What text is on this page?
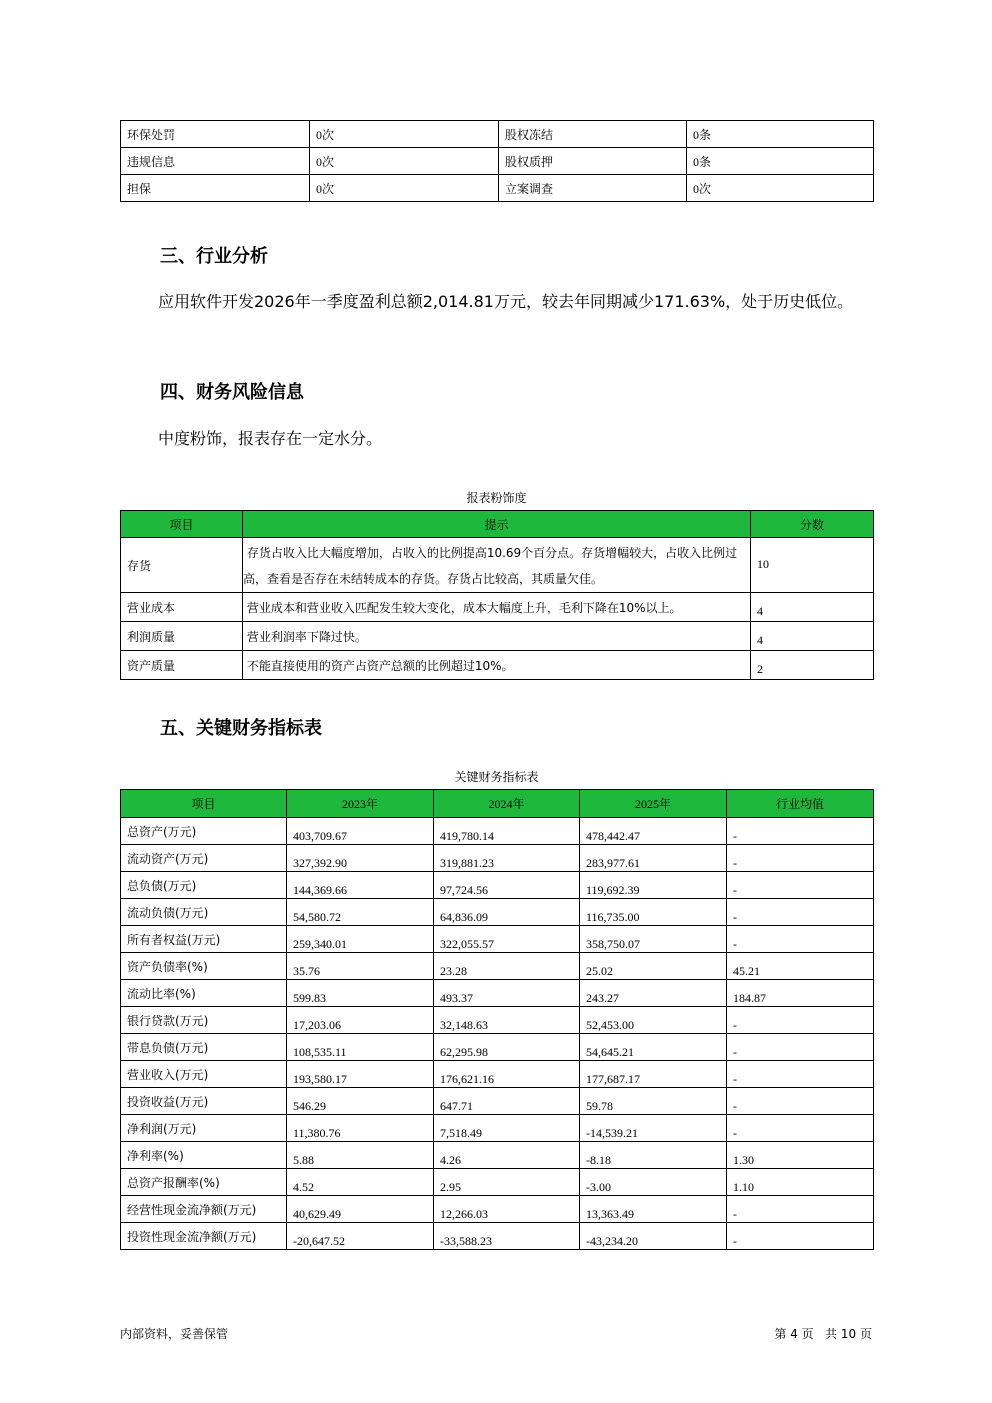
环保处罚	0次	股权冻结	0条
违规信息	0次	股权质押	0条
担保	0次	立案调查	0次
三、行业分析

应用软件开发2026年一季度盈利总额2,014.81万元，较去年同期减少171.63%，处于历史低位。

四、财务风险信息

中度粉饰，报表存在一定水分。

报表粉饰度
项目	提示	分数
存货	存货占收入比大幅度增加，占收入的比例提高10.69个百分点。存货增幅较大，占收入比例过高，查看是否存在未结转成本的存货。存货占比较高，其质量欠佳。	10
营业成本	营业成本和营业收入匹配发生较大变化，成本大幅度上升，毛利下降在10%以上。	4
利润质量	营业利润率下降过快。	4
资产质量	不能直接使用的资产占资产总额的比例超过10%。	2
五、关键财务指标表
关键财务指标表
项目	2023年	2024年	2025年	行业均值
总资产(万元)	403,709.67	419,780.14	478,442.47	-
流动资产(万元)	327,392.90	319,881.23	283,977.61	-
总负债(万元)	144,369.66	97,724.56	119,692.39	-
流动负债(万元)	54,580.72	64,836.09	116,735.00	-
所有者权益(万元)	259,340.01	322,055.57	358,750.07	-
资产负债率(%)	35.76	23.28	25.02	45.21
流动比率(%)	599.83	493.37	243.27	184.87
银行贷款(万元)	17,203.06	32,148.63	52,453.00	-
带息负债(万元)	108,535.11	62,295.98	54,645.21	-
营业收入(万元)	193,580.17	176,621.16	177,687.17	-
投资收益(万元)	546.29	647.71	59.78	-
净利润(万元)	11,380.76	7,518.49	-14,539.21	-
净利率(%)	5.88	4.26	-8.18	1.30
总资产报酬率(%)	4.52	2.95	-3.00	1.10
经营性现金流净额(万元)	40,629.49	12,266.03	13,363.49	-
投资性现金流净额(万元)	-20,647.52	-33,588.23	-43,234.20	-
内部资料，妥善保管	第 4 页   共 10 页
